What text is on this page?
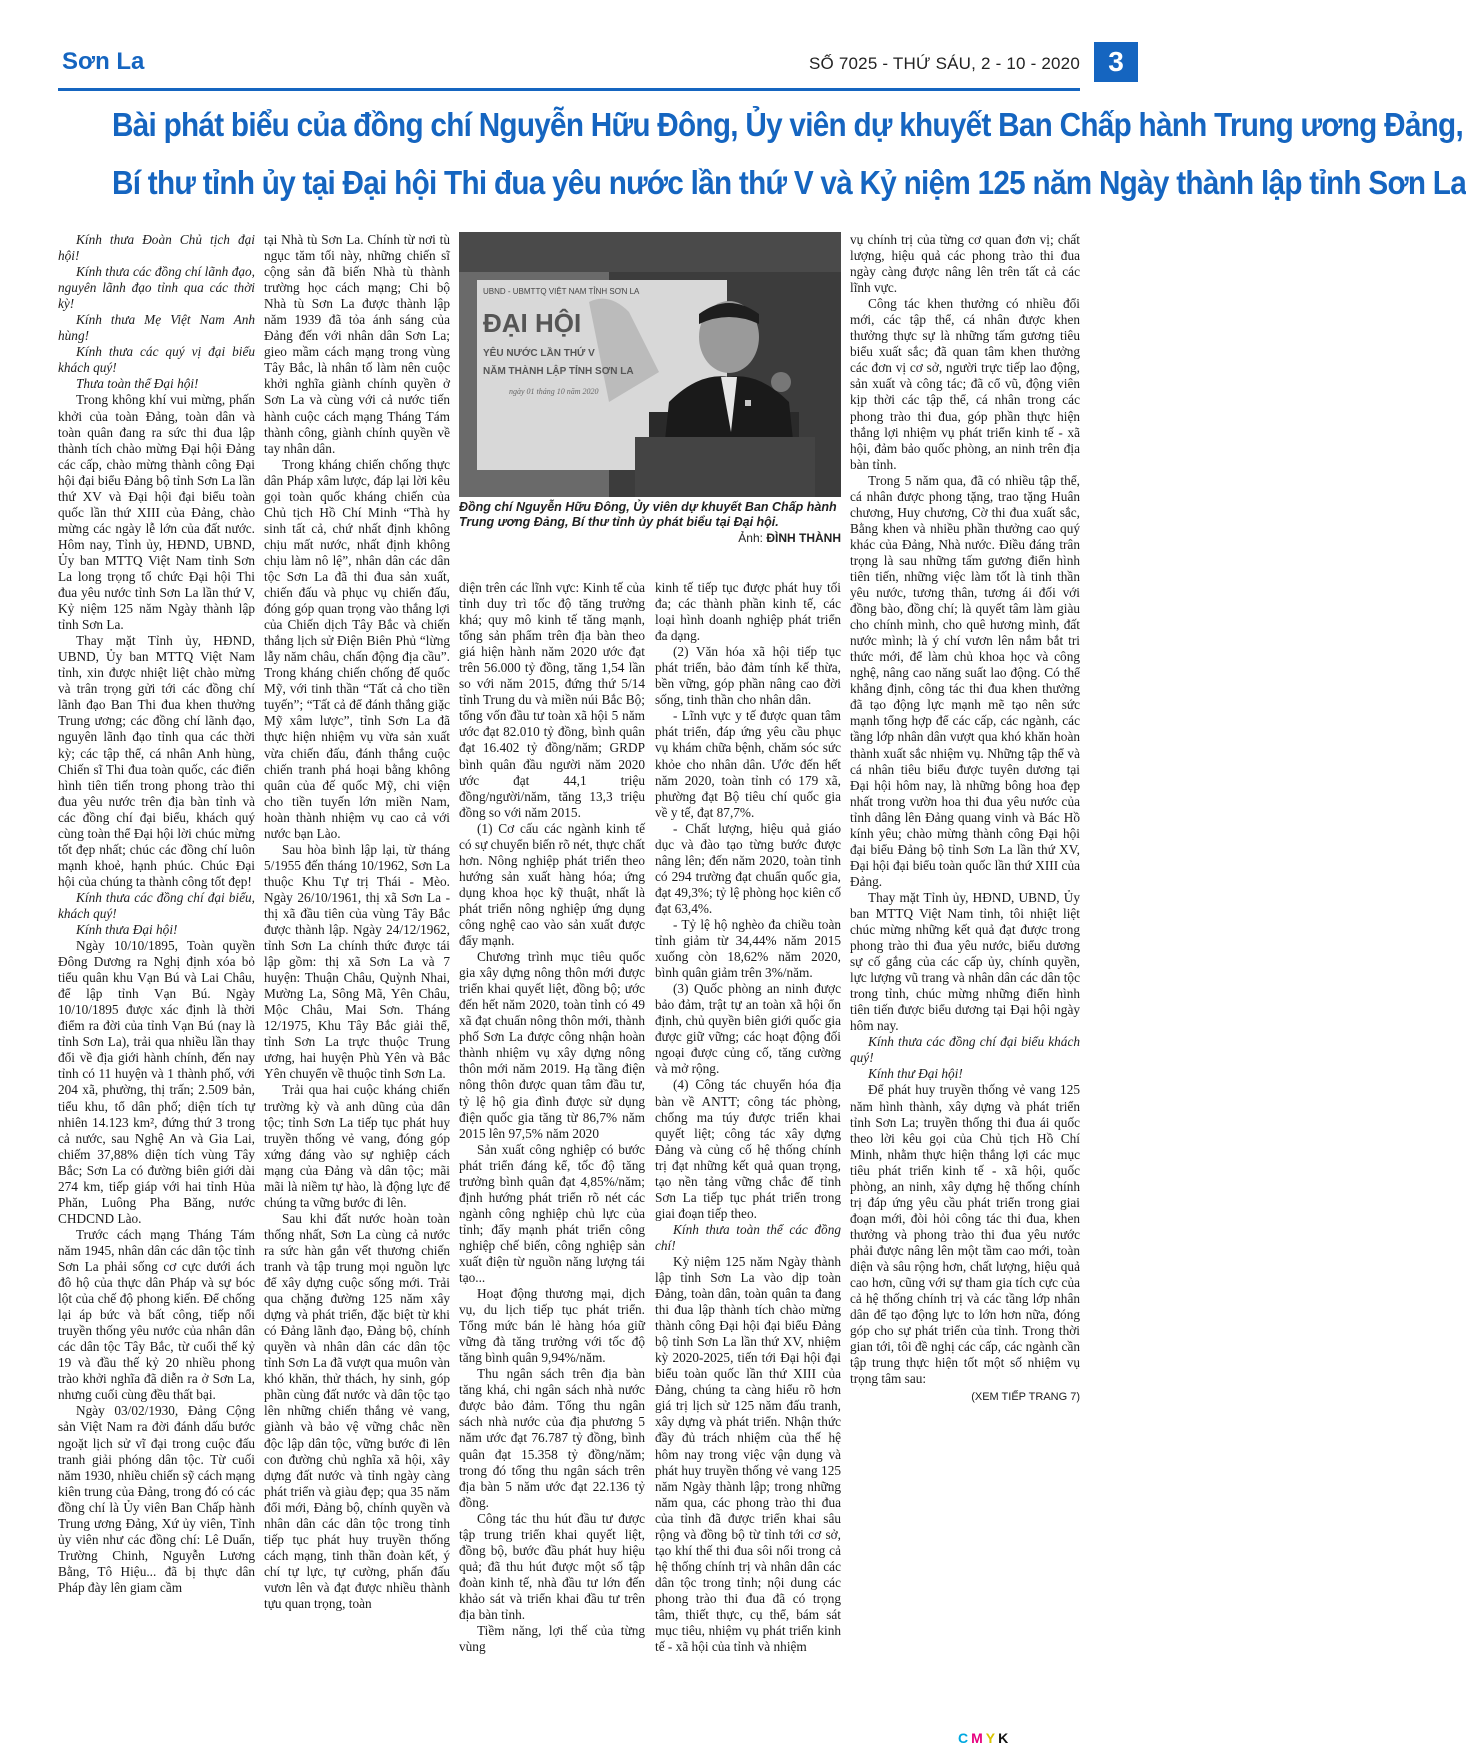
Sơn La	SỐ 7025 - THỨ SÁU, 2 - 10 - 2020	3
Bài phát biểu của đồng chí Nguyễn Hữu Đông, Ủy viên dự khuyết Ban Chấp hành Trung ương Đảng,
Bí thư tỉnh ủy tại Đại hội Thi đua yêu nước lần thứ V và Kỷ niệm 125 năm Ngày thành lập tỉnh Sơn La

Kính thưa Đoàn Chủ tịch đại hội!

Kính thưa các đồng chí lãnh đạo, nguyên lãnh đạo tỉnh qua các thời kỳ!

Kính thưa Mẹ Việt Nam Anh hùng!

Kính thưa các quý vị đại biểu khách quý!

Thưa toàn thể Đại hội!

Trong không khí vui mừng, phấn khởi của toàn Đảng, toàn dân và toàn quân đang ra sức thi đua lập thành tích chào mừng Đại hội Đảng các cấp, chào mừng thành công Đại hội đại biểu Đảng bộ tỉnh Sơn La lần thứ XV và Đại hội đại biểu toàn quốc lần thứ XIII của Đảng, chào mừng các ngày lễ lớn của đất nước. Hôm nay, Tỉnh ủy, HĐND, UBND, Ủy ban MTTQ Việt Nam tỉnh Sơn La long trọng tổ chức Đại hội Thi đua yêu nước tỉnh Sơn La lần thứ V, Kỷ niệm 125 năm Ngày thành lập tỉnh Sơn La.

Thay mặt Tỉnh ủy, HĐND, UBND, Ủy ban MTTQ Việt Nam tỉnh, xin được nhiệt liệt chào mừng và trân trọng gửi tới các đồng chí lãnh đạo Ban Thi đua khen thưởng Trung ương; các đồng chí lãnh đạo, nguyên lãnh đạo tỉnh qua các thời kỳ; các tập thể, cá nhân Anh hùng, Chiến sĩ Thi đua toàn quốc, các điển hình tiên tiến trong phong trào thi đua yêu nước trên địa bàn tỉnh và các đồng chí đại biểu, khách quý cùng toàn thể Đại hội lời chúc mừng tốt đẹp nhất; chúc các đồng chí luôn mạnh khoẻ, hạnh phúc. Chúc Đại hội của chúng ta thành công tốt đẹp!

Kính thưa các đồng chí đại biểu, khách quý!

Kính thưa Đại hội!

Ngày 10/10/1895, Toàn quyền Đông Dương ra Nghị định xóa bỏ tiểu quân khu Vạn Bú và Lai Châu, để lập tỉnh Vạn Bú. Ngày 10/10/1895 được xác định là thời điểm ra đời của tỉnh Vạn Bú (nay là tỉnh Sơn La), trải qua nhiều lần thay đổi về địa giới hành chính, đến nay tỉnh có 11 huyện và 1 thành phố, với 204 xã, phường, thị trấn; 2.509 bản, tiểu khu, tổ dân phố; diện tích tự nhiên 14.123 km², đứng thứ 3 trong cả nước, sau Nghệ An và Gia Lai, chiếm 37,88% diện tích vùng Tây Bắc; Sơn La có đường biên giới dài 274 km, tiếp giáp với hai tỉnh Hủa Phăn, Luông Pha Băng, nước CHDCND Lào.

Trước cách mạng Tháng Tám năm 1945, nhân dân các dân tộc tỉnh Sơn La phải sống cơ cực dưới ách đô hộ của thực dân Pháp và sự bóc lột của chế độ phong kiến. Để chống lại áp bức và bất công, tiếp nối truyền thống yêu nước của nhân dân các dân tộc Tây Bắc, từ cuối thế kỷ 19 và đầu thế kỷ 20 nhiều phong trào khởi nghĩa đã diễn ra ở Sơn La, nhưng cuối cùng đều thất bại.

Ngày 03/02/1930, Đảng Cộng sản Việt Nam ra đời đánh dấu bước ngoặt lịch sử vĩ đại trong cuộc đấu tranh giải phóng dân tộc. Từ cuối năm 1930, nhiều chiến sỹ cách mạng kiên trung của Đảng, trong đó có các đồng chí là Ủy viên Ban Chấp hành Trung ương Đảng, Xứ ủy viên, Tỉnh ủy viên như các đồng chí: Lê Duẩn, Trường Chinh, Nguyễn Lương Bằng, Tô Hiệu... đã bị thực dân Pháp đày lên giam cầm

tại Nhà tù Sơn La. Chính từ nơi tù ngục tăm tối này, những chiến sĩ cộng sản đã biến Nhà tù thành trường học cách mạng; Chi bộ Nhà tù Sơn La được thành lập năm 1939 đã tỏa ánh sáng của Đảng đến với nhân dân Sơn La; gieo mầm cách mạng trong vùng Tây Bắc, là nhân tố làm nên cuộc khởi nghĩa giành chính quyền ở Sơn La và cùng với cả nước tiến hành cuộc cách mạng Tháng Tám thành công, giành chính quyền về tay nhân dân.

Trong kháng chiến chống thực dân Pháp xâm lược, đáp lại lời kêu gọi toàn quốc kháng chiến của Chủ tịch Hồ Chí Minh “Thà hy sinh tất cả, chứ nhất định không chịu mất nước, nhất định không chịu làm nô lệ”, nhân dân các dân tộc Sơn La đã thi đua sản xuất, chiến đấu và phục vụ chiến đấu, đóng góp quan trọng vào thắng lợi của Chiến dịch Tây Bắc và chiến thắng lịch sử Điện Biên Phủ “lừng lẫy năm châu, chấn động địa cầu”. Trong kháng chiến chống đế quốc Mỹ, với tinh thần “Tất cả cho tiền tuyến”; “Tất cả để đánh thắng giặc Mỹ xâm lược”, tỉnh Sơn La đã thực hiện nhiệm vụ vừa sản xuất vừa chiến đấu, đánh thắng cuộc chiến tranh phá hoại bằng không quân của đế quốc Mỹ, chi viện cho tiền tuyến lớn miền Nam, hoàn thành nhiệm vụ cao cả với nước bạn Lào.

Sau hòa bình lập lại, từ tháng 5/1955 đến tháng 10/1962, Sơn La thuộc Khu Tự trị Thái - Mèo. Ngày 26/10/1961, thị xã Sơn La - thị xã đầu tiên của vùng Tây Bắc được thành lập. Ngày 24/12/1962, tỉnh Sơn La chính thức được tái lập gồm: thị xã Sơn La và 7 huyện: Thuận Châu, Quỳnh Nhai, Mường La, Sông Mã, Yên Châu, Mộc Châu, Mai Sơn. Tháng 12/1975, Khu Tây Bắc giải thể, tỉnh Sơn La trực thuộc Trung ương, hai huyện Phù Yên và Bắc Yên chuyển về thuộc tỉnh Sơn La.

Trải qua hai cuộc kháng chiến trường kỳ và anh dũng của dân tộc; tỉnh Sơn La tiếp tục phát huy truyền thống vẻ vang, đóng góp xứng đáng vào sự nghiệp cách mạng của Đảng và dân tộc; mãi mãi là niềm tự hào, là động lực để chúng ta vững bước đi lên.

Sau khi đất nước hoàn toàn thống nhất, Sơn La cùng cả nước ra sức hàn gắn vết thương chiến tranh và tập trung mọi nguồn lực để xây dựng cuộc sống mới. Trải qua chặng đường 125 năm xây dựng và phát triển, đặc biệt từ khi có Đảng lãnh đạo, Đảng bộ, chính quyền và nhân dân các dân tộc tỉnh Sơn La đã vượt qua muôn vàn khó khăn, thử thách, hy sinh, góp phần cùng đất nước và dân tộc tạo lên những chiến thắng vẻ vang, giành và bảo vệ vững chắc nền độc lập dân tộc, vững bước đi lên con đường chủ nghĩa xã hội, xây dựng đất nước và tỉnh ngày càng phát triển và giàu đẹp; qua 35 năm đổi mới, Đảng bộ, chính quyền và nhân dân các dân tộc trong tỉnh tiếp tục phát huy truyền thống cách mạng, tinh thần đoàn kết, ý chí tự lực, tự cường, phấn đấu vươn lên và đạt được nhiều thành tựu quan trọng, toàn

UBND - UBMTTQ VIỆT NAM TỈNH SƠN LA
ĐẠI HỘI
YÊU NƯỚC LẦN THỨ V
NĂM THÀNH LẬP TỈNH SƠN LA
ngày 01 tháng 10 năm 2020
Đồng chí Nguyễn Hữu Đông, Ủy viên dự khuyết Ban Chấp hành Trung ương Đảng, Bí thư tỉnh ủy phát biểu tại Đại hội.
Ảnh: ĐÌNH THÀNH

diện trên các lĩnh vực: Kinh tế của tỉnh duy trì tốc độ tăng trưởng khá; quy mô kinh tế tăng mạnh, tổng sản phẩm trên địa bàn theo giá hiện hành năm 2020 ước đạt trên 56.000 tỷ đồng, tăng 1,54 lần so với năm 2015, đứng thứ 5/14 tỉnh Trung du và miền núi Bắc Bộ; tổng vốn đầu tư toàn xã hội 5 năm ước đạt 82.010 tỷ đồng, bình quân đạt 16.402 tỷ đồng/năm; GRDP bình quân đầu người năm 2020 ước đạt 44,1 triệu đồng/người/năm, tăng 13,3 triệu đồng so với năm 2015.

(1) Cơ cấu các ngành kinh tế có sự chuyển biến rõ nét, thực chất hơn. Nông nghiệp phát triển theo hướng sản xuất hàng hóa; ứng dụng khoa học kỹ thuật, nhất là phát triển nông nghiệp ứng dụng công nghệ cao vào sản xuất được đẩy mạnh.

Chương trình mục tiêu quốc gia xây dựng nông thôn mới được triển khai quyết liệt, đồng bộ; ước đến hết năm 2020, toàn tỉnh có 49 xã đạt chuẩn nông thôn mới, thành phố Sơn La được công nhận hoàn thành nhiệm vụ xây dựng nông thôn mới năm 2019. Hạ tầng điện nông thôn được quan tâm đầu tư, tỷ lệ hộ gia đình được sử dụng điện quốc gia tăng từ 86,7% năm 2015 lên 97,5% năm 2020

Sản xuất công nghiệp có bước phát triển đáng kể, tốc độ tăng trưởng bình quân đạt 4,85%/năm; định hướng phát triển rõ nét các ngành công nghiệp chủ lực của tỉnh; đẩy mạnh phát triển công nghiệp chế biến, công nghiệp sản xuất điện từ nguồn năng lượng tái tạo...

Hoạt động thương mại, dịch vụ, du lịch tiếp tục phát triển. Tổng mức bán lẻ hàng hóa giữ vững đà tăng trưởng với tốc độ tăng bình quân 9,94%/năm.

Thu ngân sách trên địa bàn tăng khá, chi ngân sách nhà nước được bảo đảm. Tổng thu ngân sách nhà nước của địa phương 5 năm ước đạt 76.787 tỷ đồng, bình quân đạt 15.358 tỷ đồng/năm; trong đó tổng thu ngân sách trên địa bàn 5 năm ước đạt 22.136 tỷ đồng.

Công tác thu hút đầu tư được tập trung triển khai quyết liệt, đồng bộ, bước đầu phát huy hiệu quả; đã thu hút được một số tập đoàn kinh tế, nhà đầu tư lớn đến khảo sát và triển khai đầu tư trên địa bàn tỉnh.

Tiềm năng, lợi thế của từng vùng

kinh tế tiếp tục được phát huy tối đa; các thành phần kinh tế, các loại hình doanh nghiệp phát triển đa dạng.

(2) Văn hóa xã hội tiếp tục phát triển, bảo đảm tính kế thừa, bền vững, góp phần nâng cao đời sống, tinh thần cho nhân dân.

- Lĩnh vực y tế được quan tâm phát triển, đáp ứng yêu cầu phục vụ khám chữa bệnh, chăm sóc sức khỏe cho nhân dân. Ước đến hết năm 2020, toàn tỉnh có 179 xã, phường đạt Bộ tiêu chí quốc gia về y tế, đạt 87,7%.

- Chất lượng, hiệu quả giáo dục và đào tạo từng bước được nâng lên; đến năm 2020, toàn tỉnh có 294 trường đạt chuẩn quốc gia, đạt 49,3%; tỷ lệ phòng học kiên cố đạt 63,4%.

- Tỷ lệ hộ nghèo đa chiều toàn tỉnh giảm từ 34,44% năm 2015 xuống còn 18,62% năm 2020, bình quân giảm trên 3%/năm.

(3) Quốc phòng an ninh được bảo đảm, trật tự an toàn xã hội ổn định, chủ quyền biên giới quốc gia được giữ vững; các hoạt động đối ngoại được củng cố, tăng cường và mở rộng.

(4) Công tác chuyển hóa địa bàn về ANTT; công tác phòng, chống ma túy được triển khai quyết liệt; công tác xây dựng Đảng và củng cố hệ thống chính trị đạt những kết quả quan trọng, tạo nền tảng vững chắc để tỉnh Sơn La tiếp tục phát triển trong giai đoạn tiếp theo.

Kính thưa toàn thể các đồng chí!

Kỷ niệm 125 năm Ngày thành lập tỉnh Sơn La vào dịp toàn Đảng, toàn dân, toàn quân ta đang thi đua lập thành tích chào mừng thành công Đại hội đại biểu Đảng bộ tỉnh Sơn La lần thứ XV, nhiệm kỳ 2020-2025, tiến tới Đại hội đại biểu toàn quốc lần thứ XIII của Đảng, chúng ta càng hiểu rõ hơn giá trị lịch sử 125 năm đấu tranh, xây dựng và phát triển. Nhận thức đầy đủ trách nhiệm của thế hệ hôm nay trong việc vận dụng và phát huy truyền thống vẻ vang 125 năm Ngày thành lập; trong những năm qua, các phong trào thi đua của tỉnh đã được triển khai sâu rộng và đồng bộ từ tỉnh tới cơ sở, tạo khí thế thi đua sôi nổi trong cả hệ thống chính trị và nhân dân các dân tộc trong tỉnh; nội dung các phong trào thi đua đã có trọng tâm, thiết thực, cụ thể, bám sát mục tiêu, nhiệm vụ phát triển kinh tế - xã hội của tỉnh và nhiệm

vụ chính trị của từng cơ quan đơn vị; chất lượng, hiệu quả các phong trào thi đua ngày càng được nâng lên trên tất cả các lĩnh vực.

Công tác khen thưởng có nhiều đổi mới, các tập thể, cá nhân được khen thưởng thực sự là những tấm gương tiêu biểu xuất sắc; đã quan tâm khen thưởng các đơn vị cơ sở, người trực tiếp lao động, sản xuất và công tác; đã cổ vũ, động viên kịp thời các tập thể, cá nhân trong các phong trào thi đua, góp phần thực hiện thắng lợi nhiệm vụ phát triển kinh tế - xã hội, đảm bảo quốc phòng, an ninh trên địa bàn tỉnh.

Trong 5 năm qua, đã có nhiều tập thể, cá nhân được phong tặng, trao tặng Huân chương, Huy chương, Cờ thi đua xuất sắc, Bằng khen và nhiều phần thưởng cao quý khác của Đảng, Nhà nước. Điều đáng trân trọng là sau những tấm gương điển hình tiên tiến, những việc làm tốt là tinh thần yêu nước, tương thân, tương ái đối với đồng bào, đồng chí; là quyết tâm làm giàu cho chính mình, cho quê hương mình, đất nước mình; là ý chí vươn lên nắm bắt tri thức mới, để làm chủ khoa học và công nghệ, nâng cao năng suất lao động. Có thể khẳng định, công tác thi đua khen thưởng đã tạo động lực mạnh mẽ tạo nên sức mạnh tổng hợp để các cấp, các ngành, các tầng lớp nhân dân vượt qua khó khăn hoàn thành xuất sắc nhiệm vụ. Những tập thể và cá nhân tiêu biểu được tuyên dương tại Đại hội hôm nay, là những bông hoa đẹp nhất trong vườn hoa thi đua yêu nước của tỉnh dâng lên Đảng quang vinh và Bác Hồ kính yêu; chào mừng thành công Đại hội đại biểu Đảng bộ tỉnh Sơn La lần thứ XV, Đại hội đại biểu toàn quốc lần thứ XIII của Đảng.

Thay mặt Tỉnh ủy, HĐND, UBND, Ủy ban MTTQ Việt Nam tỉnh, tôi nhiệt liệt chúc mừng những kết quả đạt được trong phong trào thi đua yêu nước, biểu dương sự cố gắng của các cấp ủy, chính quyền, lực lượng vũ trang và nhân dân các dân tộc trong tỉnh, chúc mừng những điển hình tiên tiến được biểu dương tại Đại hội ngày hôm nay.

Kính thưa các đồng chí đại biểu khách quý!

Kính thư Đại hội!

Để phát huy truyền thống vẻ vang 125 năm hình thành, xây dựng và phát triển tỉnh Sơn La; truyền thống thi đua ái quốc theo lời kêu gọi của Chủ tịch Hồ Chí Minh, nhằm thực hiện thắng lợi các mục tiêu phát triển kinh tế - xã hội, quốc phòng, an ninh, xây dựng hệ thống chính trị đáp ứng yêu cầu phát triển trong giai đoạn mới, đòi hỏi công tác thi đua, khen thưởng và phong trào thi đua yêu nước phải được nâng lên một tầm cao mới, toàn diện và sâu rộng hơn, chất lượng, hiệu quả cao hơn, cũng với sự tham gia tích cực của cả hệ thống chính trị và các tầng lớp nhân dân để tạo động lực to lớn hơn nữa, đóng góp cho sự phát triển của tỉnh. Trong thời gian tới, tôi đề nghị các cấp, các ngành cần tập trung thực hiện tốt một số nhiệm vụ trọng tâm sau:

(XEM TIẾP TRANG 7)

CMYK
